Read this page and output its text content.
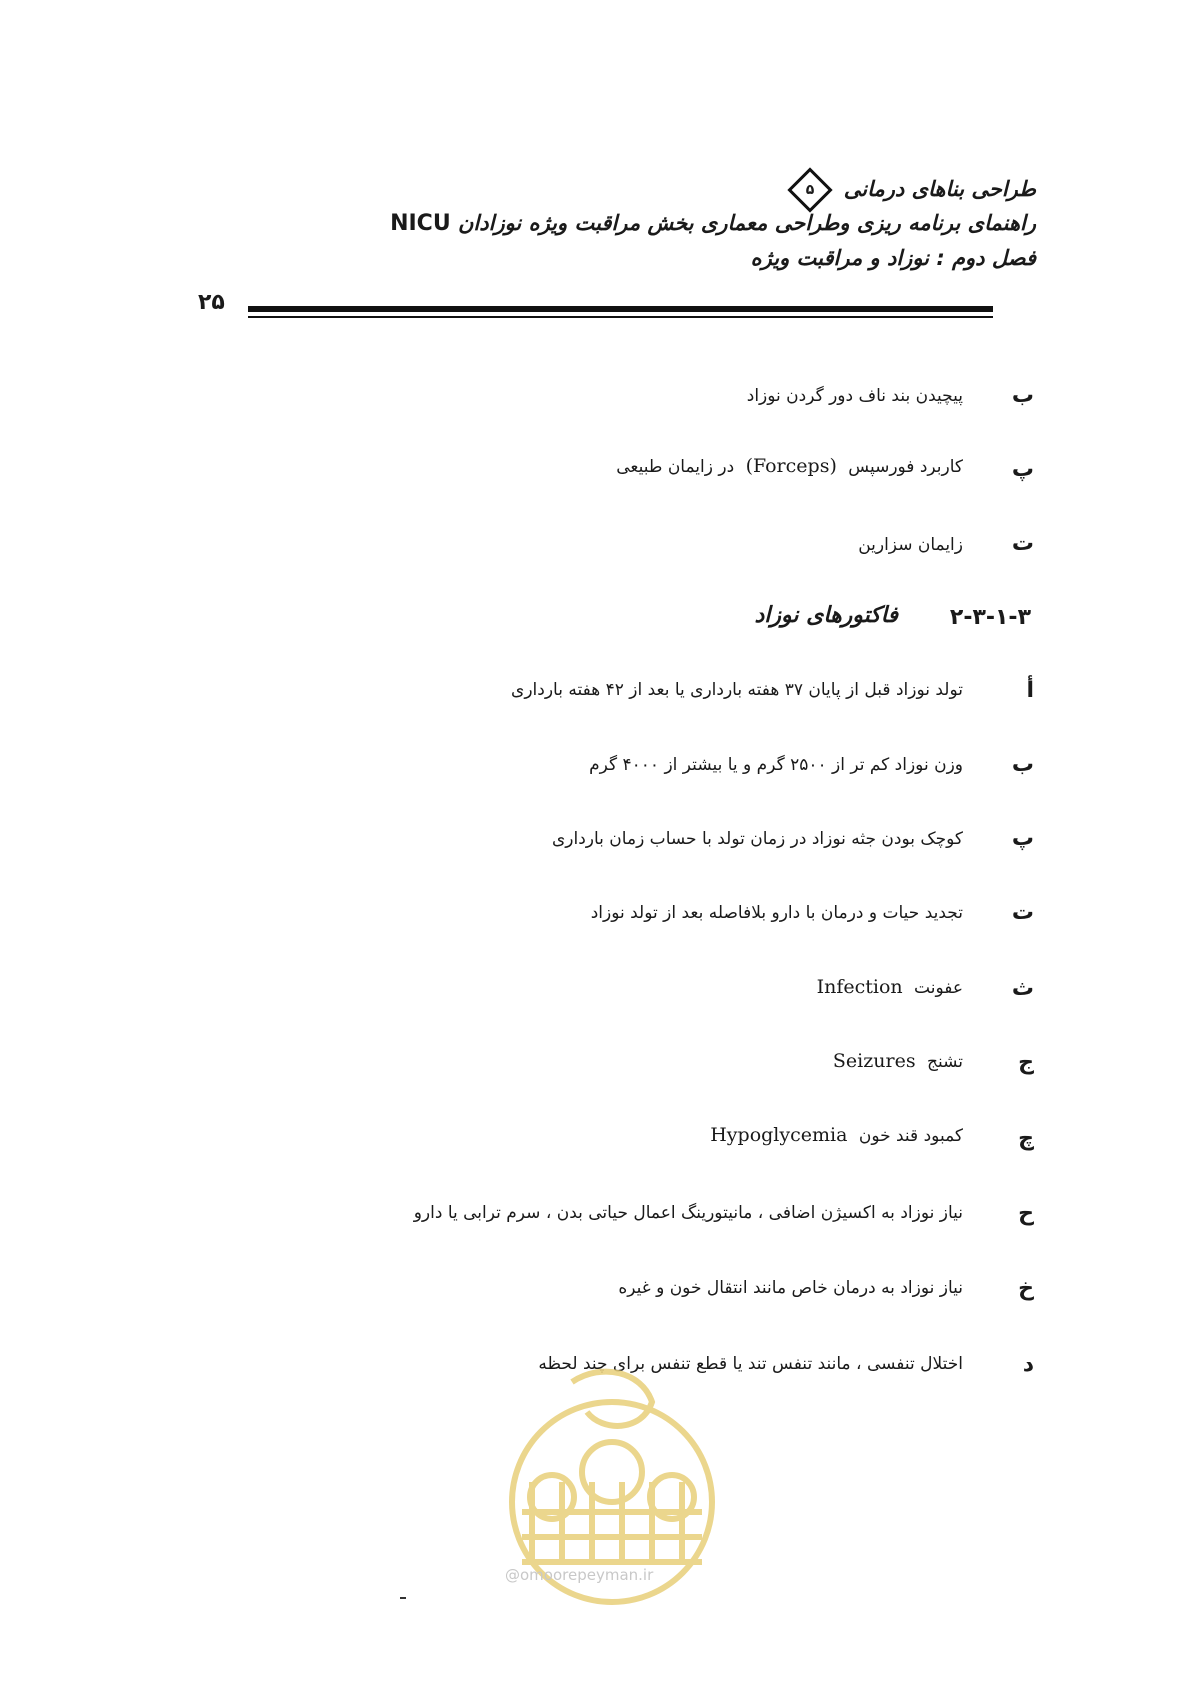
طراحی بناهای درمانی
۵
راهنمای برنامه ریزی وطراحی معماری بخش مراقبت ویژه نوزادان NICU
فصل دوم : نوزاد و مراقبت ویژه
۲۵
ب
پیچیدن بند ناف دور گردن نوزاد
پ
کاربرد فورسپس (Forceps) در زایمان طبیعی
ت
زایمان سزارین
۲-۳-۱-۳
فاکتورهای نوزاد
أ
تولد نوزاد قبل از پایان ۳۷ هفته بارداری یا بعد از ۴۲ هفته بارداری
ب
وزن نوزاد کم تر از ۲۵۰۰ گرم و یا بیشتر از ۴۰۰۰ گرم
پ
کوچک بودن جثه نوزاد در زمان تولد با حساب زمان بارداری
ت
تجدید حیات و درمان با دارو بلافاصله بعد از تولد نوزاد
ث
عفونت Infection
ج
تشنج Seizures
چ
کمبود قند خون Hypoglycemia
ح
نیاز نوزاد به اکسیژن اضافی ، مانیتورینگ اعمال حیاتی بدن ، سرم ترابی یا دارو
خ
نیاز نوزاد به درمان خاص مانند انتقال خون و غیره
د
اختلال تنفسی ، مانند تنفس تند یا قطع تنفس برای چند لحظه
@omoorepeyman.ir
